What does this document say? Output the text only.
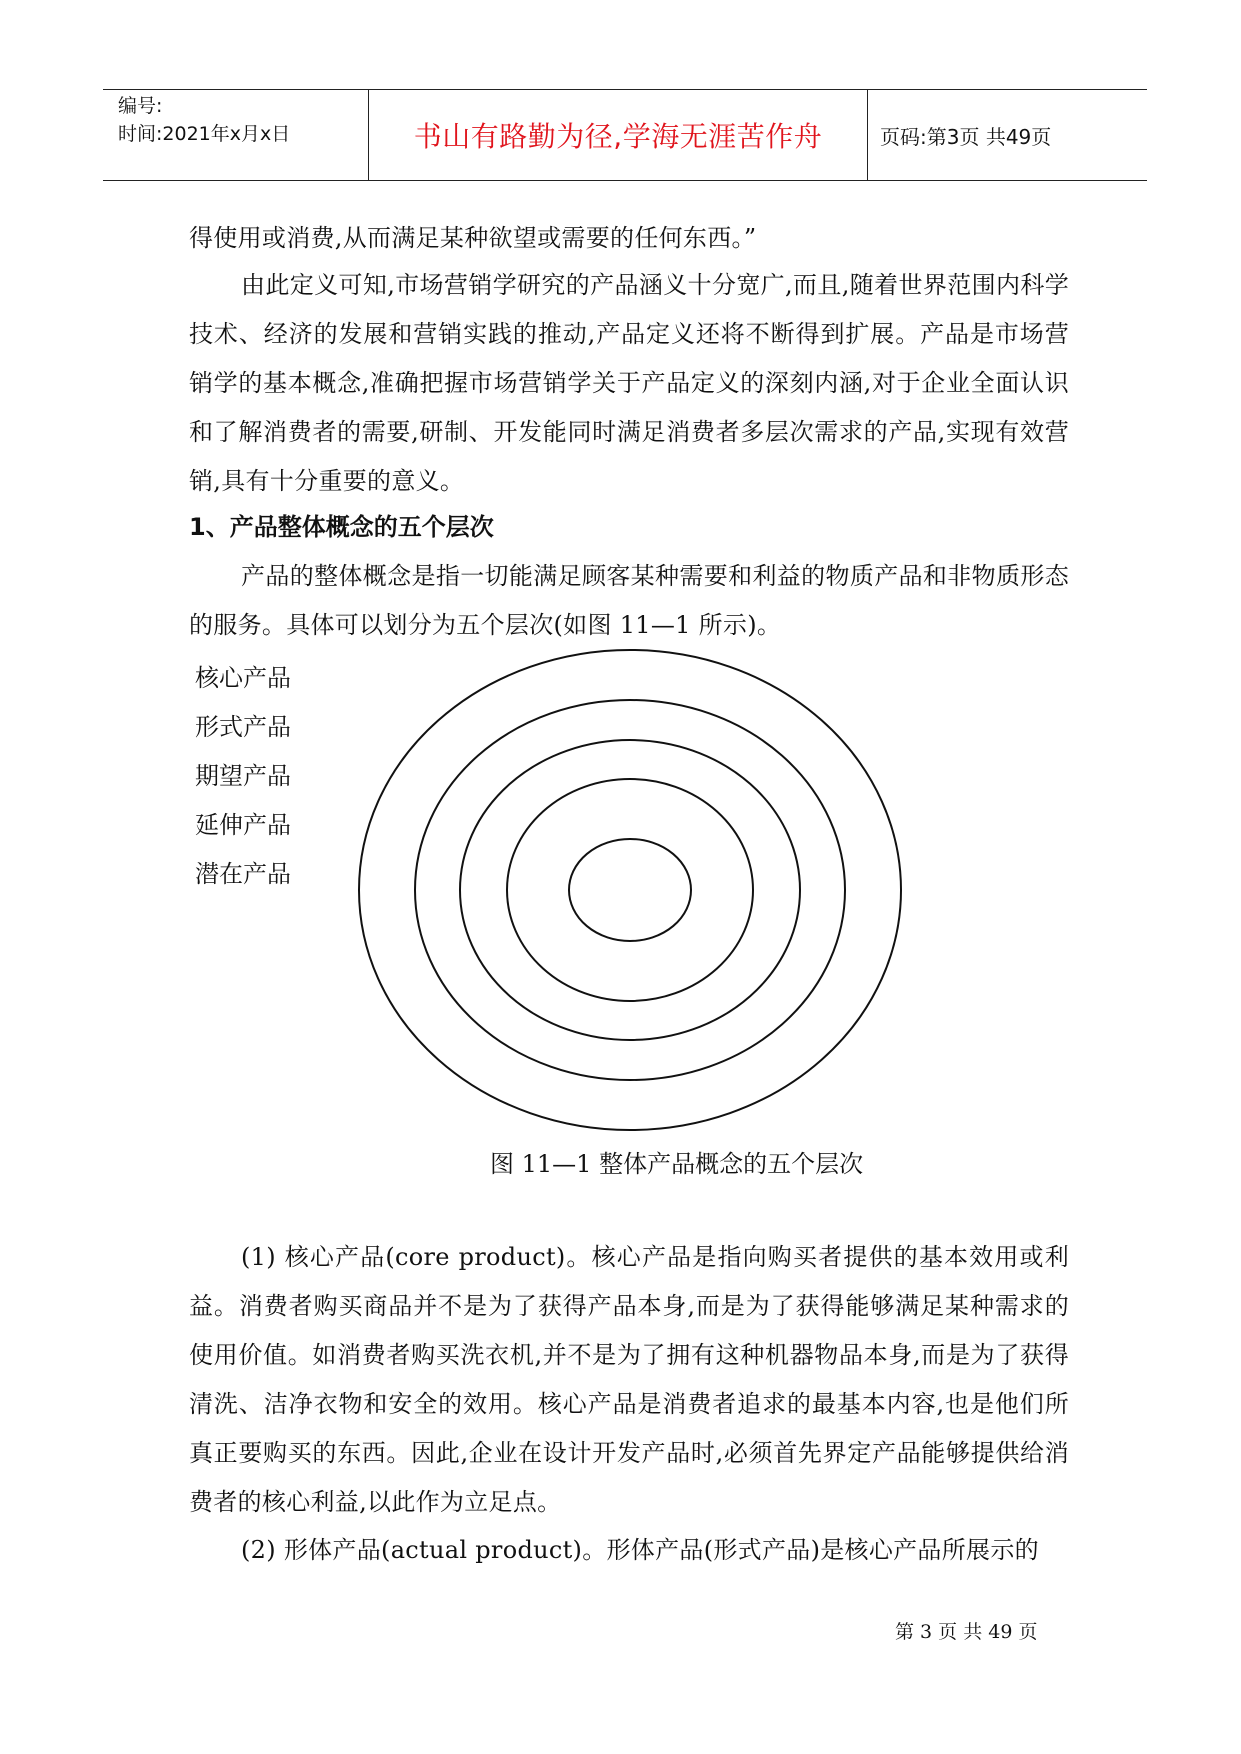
编号:
时间:2021年x月x日	书山有路勤为径,学海无涯苦作舟	页码:第3页 共49页

得使用或消费,从而满足某种欲望或需要的任何东西。”

由此定义可知,市场营销学研究的产品涵义十分宽广,而且,随着世界范围内科学技术、经济的发展和营销实践的推动,产品定义还将不断得到扩展。产品是市场营销学的基本概念,准确把握市场营销学关于产品定义的深刻内涵,对于企业全面认识和了解消费者的需要,研制、开发能同时满足消费者多层次需求的产品,实现有效营销,具有十分重要的意义。

1、产品整体概念的五个层次

产品的整体概念是指一切能满足顾客某种需要和利益的物质产品和非物质形态的服务。具体可以划分为五个层次(如图 11—1 所示)。

核心产品
形式产品
期望产品
延伸产品
潜在产品

图 11—1 整体产品概念的五个层次

(1) 核心产品(core product)。核心产品是指向购买者提供的基本效用或利益。消费者购买商品并不是为了获得产品本身,而是为了获得能够满足某种需求的使用价值。如消费者购买洗衣机,并不是为了拥有这种机器物品本身,而是为了获得清洗、洁净衣物和安全的效用。核心产品是消费者追求的最基本内容,也是他们所真正要购买的东西。因此,企业在设计开发产品时,必须首先界定产品能够提供给消费者的核心利益,以此作为立足点。

(2) 形体产品(actual product)。形体产品(形式产品)是核心产品所展示的

第 3 页 共 49 页
